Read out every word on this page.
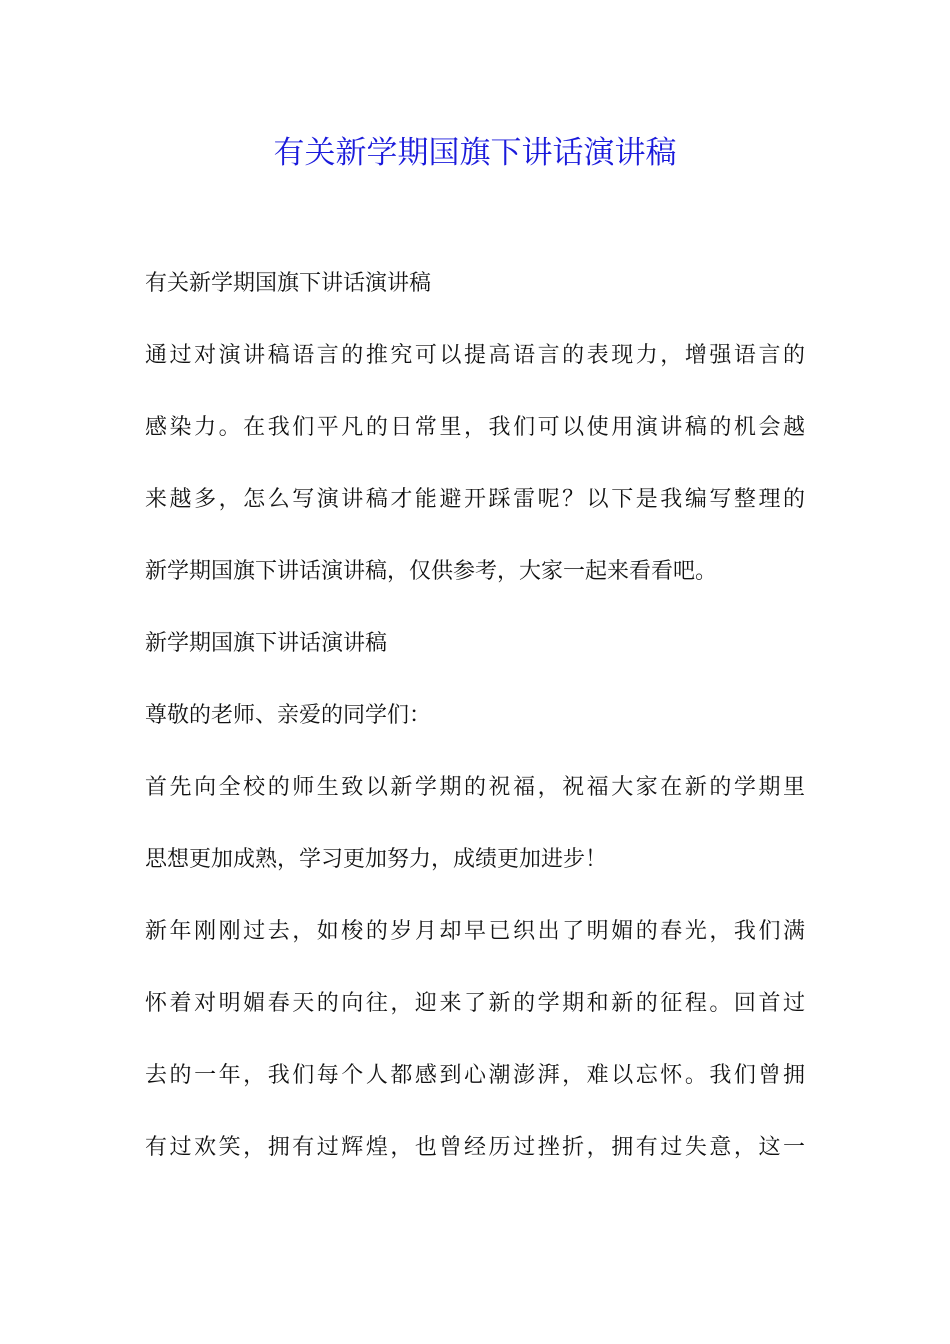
有关新学期国旗下讲话演讲稿
有关新学期国旗下讲话演讲稿
通过对演讲稿语言的推究可以提高语言的表现力，增强语言的
感染力。在我们平凡的日常里，我们可以使用演讲稿的机会越
来越多，怎么写演讲稿才能避开踩雷呢？以下是我编写整理的
新学期国旗下讲话演讲稿，仅供参考，大家一起来看看吧。
新学期国旗下讲话演讲稿
尊敬的老师、亲爱的同学们：
首先向全校的师生致以新学期的祝福，祝福大家在新的学期里
思想更加成熟，学习更加努力，成绩更加进步！
新年刚刚过去，如梭的岁月却早已织出了明媚的春光，我们满
怀着对明媚春天的向往，迎来了新的学期和新的征程。回首过
去的一年，我们每个人都感到心潮澎湃，难以忘怀。我们曾拥
有过欢笑，拥有过辉煌，也曾经历过挫折，拥有过失意，这一
